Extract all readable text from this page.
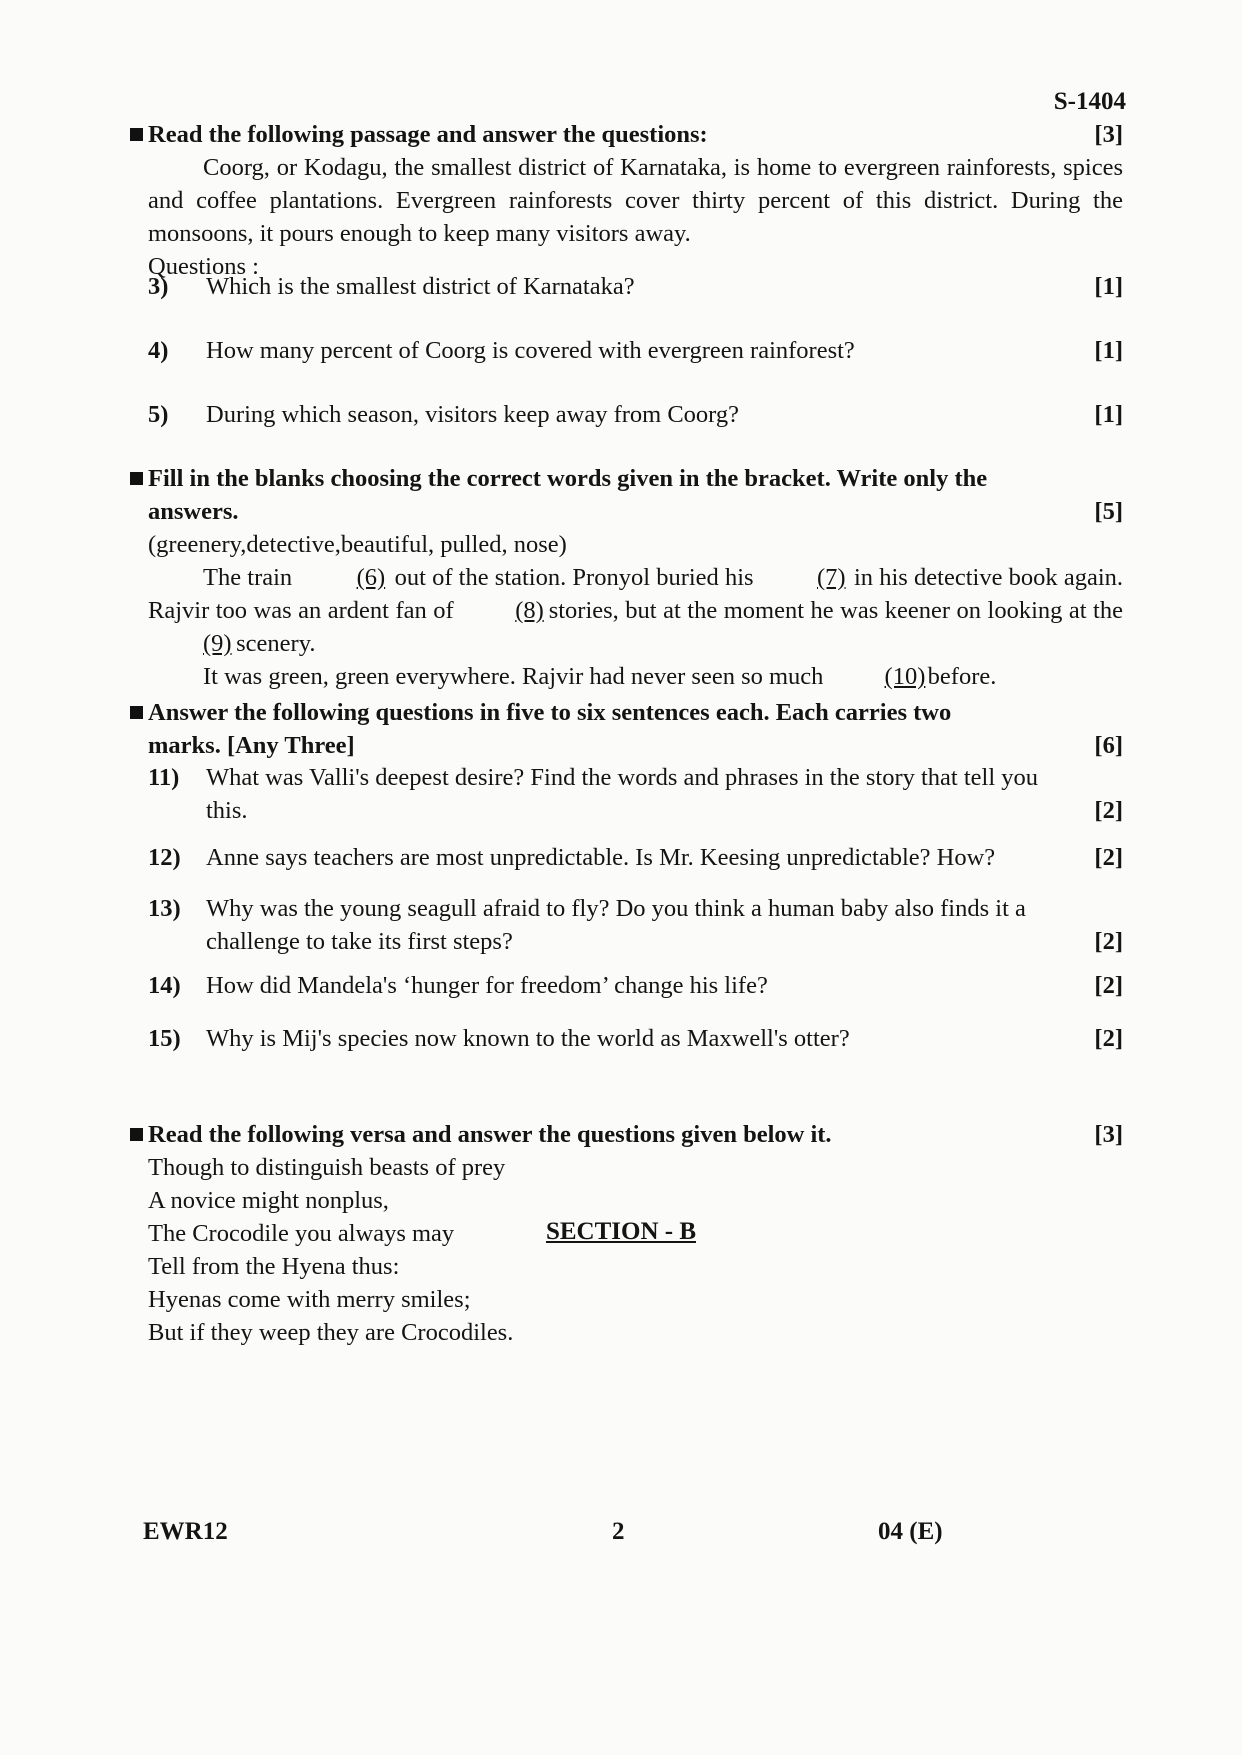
S-1404
Read the following passage and answer the questions:	[3]
Coorg, or Kodagu, the smallest district of Karnataka, is home to evergreen rainforests, spices and coffee plantations. Evergreen rainforests cover thirty percent of this district. During the monsoons, it pours enough to keep many visitors away.
Questions :
3)	Which is the smallest district of Karnataka?	[1]
4)	How many percent of Coorg is covered with evergreen rainforest?	[1]
5)	During which season, visitors keep away from Coorg?	[1]
Fill in the blanks choosing the correct words given in the bracket. Write only the
answers.	[5]
(greenery,detective,beautiful, pulled, nose)
The train (6) out of the station. Pronyol buried his (7) in his detective book again. Rajvir too was an ardent fan of (8) stories, but at the moment he was keener on looking at the (9) scenery.
It was green, green everywhere. Rajvir had never seen so much (10) before.
Answer the following questions in five to six sentences each. Each carries two
marks. [Any Three]	[6]
11)	What was Valli's deepest desire? Find the words and phrases in the story that tell you this.	[2]
12)	Anne says teachers are most unpredictable. Is Mr. Keesing unpredictable? How?	[2]
13)	Why was the young seagull afraid to fly? Do you think a human baby also finds it a challenge to take its first steps?	[2]
14)	How did Mandela's ‘hunger for freedom’ change his life?	[2]
15)	Why is Mij's species now known to the world as Maxwell's otter?	[2]
SECTION - B
Read the following versa and answer the questions given below it.	[3]
Though to distinguish beasts of prey
A novice might nonplus,
The Crocodile you always may
Tell from the Hyena thus:
Hyenas come with merry smiles;
But if they weep they are Crocodiles.
EWR12	2	04 (E)
